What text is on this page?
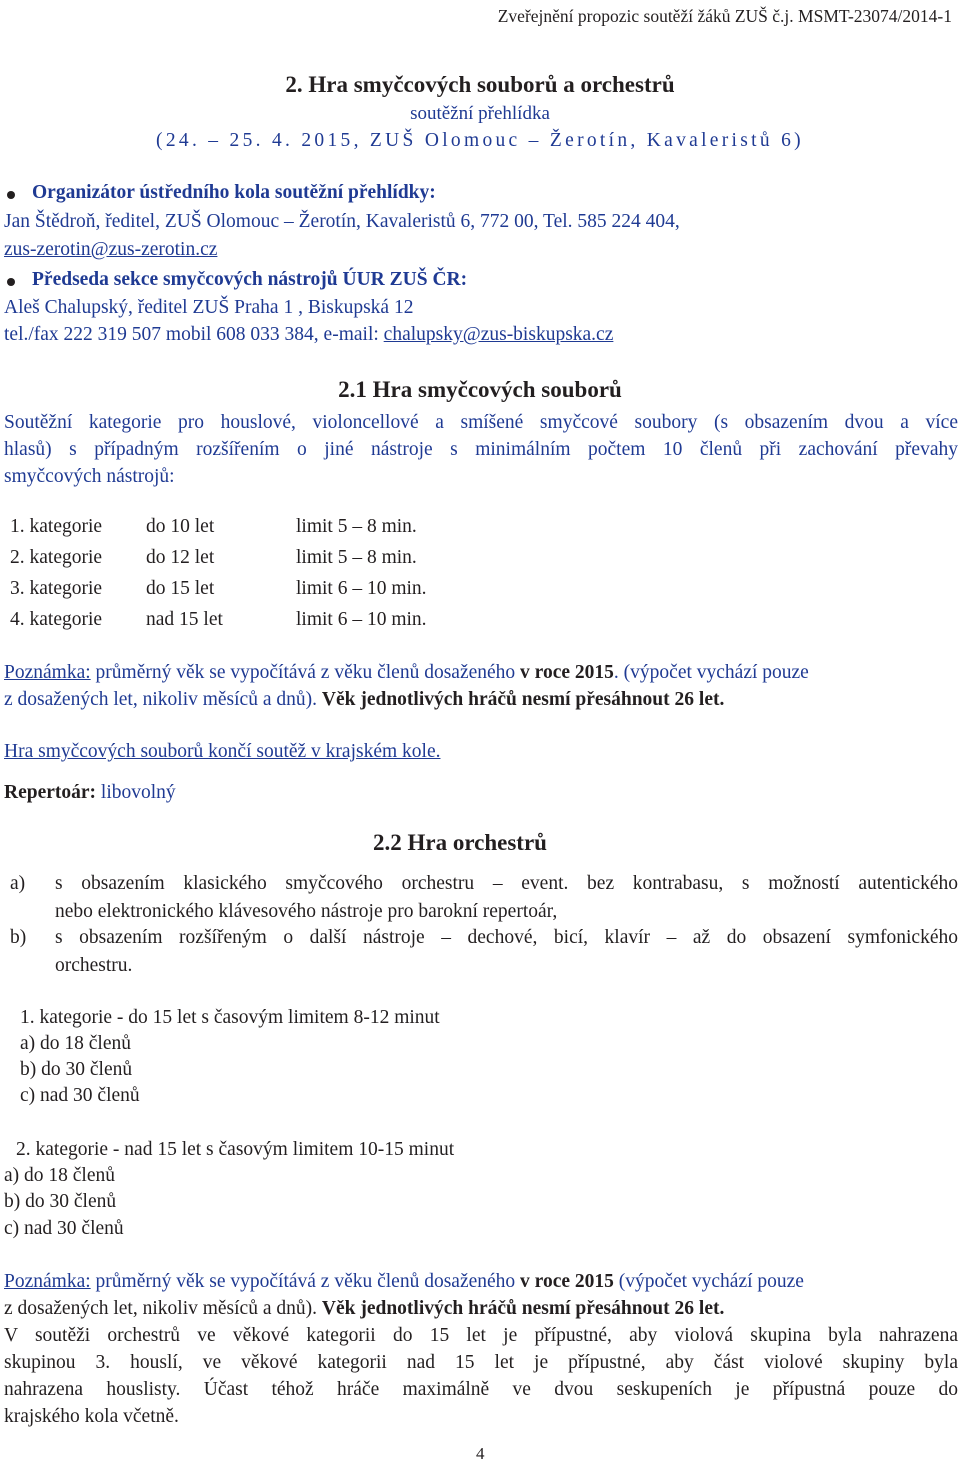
Zveřejnění propozic soutěží žáků ZUŠ č.j. MSMT-23074/2014-1
2. Hra smyčcových souborů a orchestrů
soutěžní přehlídka
(24. – 25. 4. 2015, ZUŠ Olomouc – Žerotín, Kavaleristů 6)
Organizátor ústředního kola soutěžní přehlídky:
Jan Štědroň, ředitel, ZUŠ Olomouc – Žerotín, Kavaleristů 6, 772 00, Tel. 585 224 404,
zus-zerotin@zus-zerotin.cz
Předseda sekce smyčcových nástrojů ÚUR ZUŠ ČR:
Aleš Chalupský, ředitel ZUŠ Praha 1 , Biskupská 12
tel./fax 222 319 507 mobil 608 033 384, e-mail: chalupsky@zus-biskupska.cz
2.1 Hra smyčcových souborů
Soutěžní kategorie pro houslové, violoncellové a smíšené smyčcové soubory (s obsazením dvou a více
hlasů) s případným rozšířením o jiné nástroje s minimálním počtem 10 členů při zachování převahy
smyčcových nástrojů:
1. kategorie do 10 let	limit 5 – 8 min.
2. kategorie do 12 let	limit 5 – 8 min.
3. kategorie do 15 let	limit 6 – 10 min.
4. kategorie nad 15 let	limit 6 – 10 min.
Poznámka: průměrný věk se vypočítává z věku členů dosaženého v roce 2015. (výpočet vychází pouze
z dosažených let, nikoliv měsíců a dnů). Věk jednotlivých hráčů nesmí přesáhnout 26 let.
Hra smyčcových souborů končí soutěž v krajském kole.
Repertoár: libovolný
2.2 Hra orchestrů
a) s obsazením klasického smyčcového orchestru – event. bez kontrabasu, s možností autentického
nebo elektronického klávesového nástroje pro barokní repertoár,
b) s obsazením rozšířeným o další nástroje – dechové, bicí, klavír – až do obsazení symfonického
orchestru.
1. kategorie - do 15 let s časovým limitem 8-12 minut
a) do 18 členů
b) do 30 členů
c) nad 30 členů
2. kategorie - nad 15 let s časovým limitem 10-15 minut
a) do 18 členů
b) do 30 členů
c) nad 30 členů
Poznámka: průměrný věk se vypočítává z věku členů dosaženého v roce 2015 (výpočet vychází pouze
z dosažených let, nikoliv měsíců a dnů). Věk jednotlivých hráčů nesmí přesáhnout 26 let.
V soutěži orchestrů ve věkové kategorii do 15 let je přípustné, aby violová skupina byla nahrazena
skupinou 3. houslí, ve věkové kategorii nad 15 let je přípustné, aby část violové skupiny byla
nahrazena houslisty. Účast téhož hráče maximálně ve dvou seskupeních je přípustná pouze do
krajského kola včetně.
4
